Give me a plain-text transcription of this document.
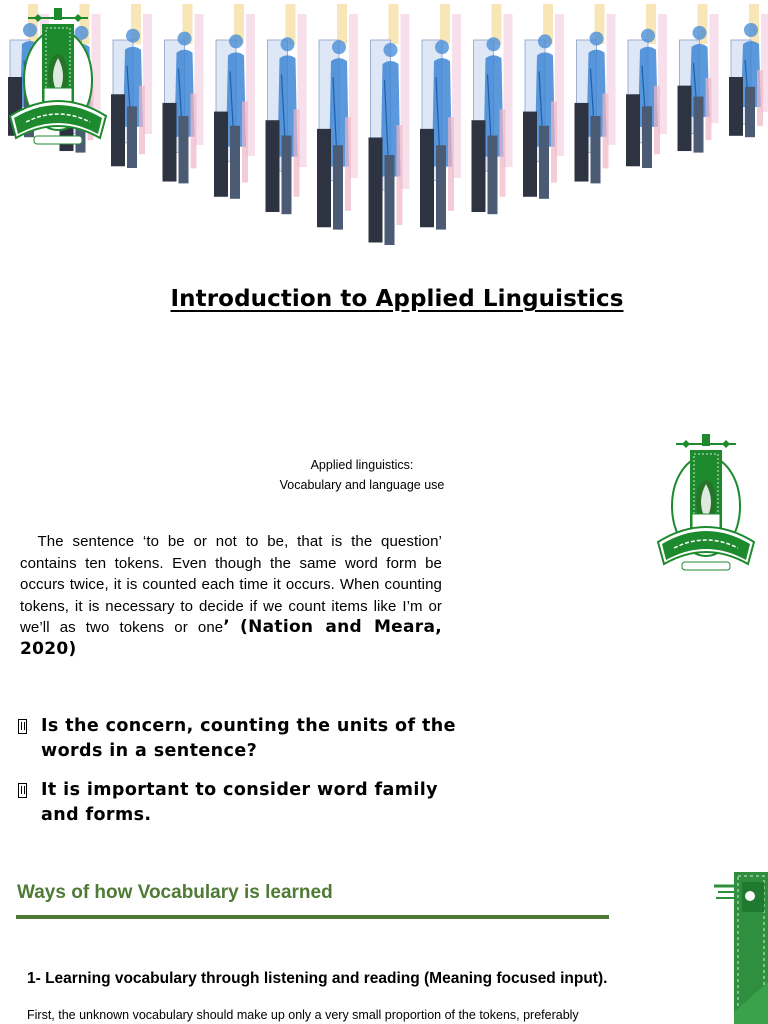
Introduction to Applied Linguistics
Applied linguistics:
Vocabulary and language use
The sentence ‘to be or not to be, that is the question’ contains ten tokens. Even though the same word form be occurs twice, it is counted each time it occurs. When counting tokens, it is necessary to decide if we count items like I’m or we’ll as two tokens or one’ (Nation and Meara, 2020)
Is the concern, counting the units of the words in a sentence?
It is important to consider word family and forms.
Ways of how Vocabulary is learned
1- Learning vocabulary through listening and reading (Meaning focused input).
First, the unknown vocabulary should make up only a very small proportion of the tokens, preferably
